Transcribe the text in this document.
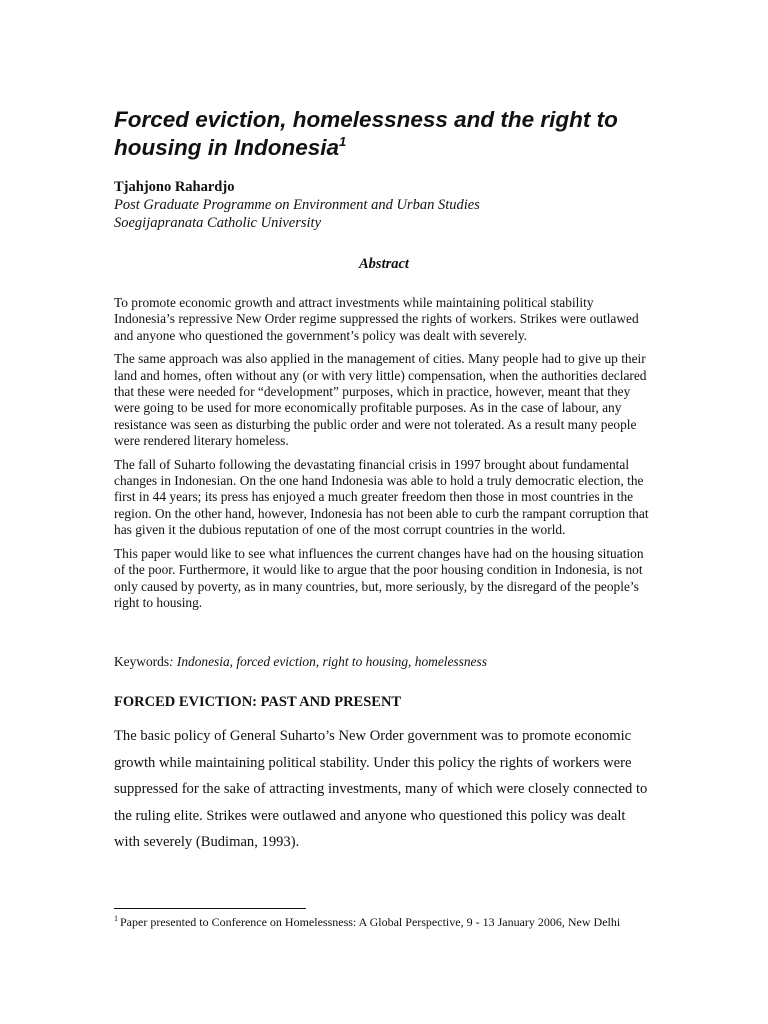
Forced eviction, homelessness and the right to housing in Indonesia$^1$
Tjahjono Rahardjo
Post Graduate Programme on Environment and Urban Studies
Soegijapranata Catholic University
Abstract

To promote economic growth and attract investments while maintaining political stability Indonesia’s repressive New Order regime suppressed the rights of workers. Strikes were outlawed and anyone who questioned the government’s policy was dealt with severely.

The same approach was also applied in the management of cities. Many people had to give up their land and homes, often without any (or with very little) compensation, when the authorities declared that these were needed for “development” purposes, which in practice, however, meant that they were going to be used for more economically profitable purposes. As in the case of labour, any resistance was seen as disturbing the public order and were not tolerated. As a result many people were rendered literary homeless.

The fall of Suharto following the devastating financial crisis in 1997 brought about fundamental changes in Indonesian. On the one hand Indonesia was able to hold a truly democratic election, the first in 44 years; its press has enjoyed a much greater freedom then those in most countries in the region. On the other hand, however, Indonesia has not been able to curb the rampant corruption that has given it the dubious reputation of one of the most corrupt countries in the world.

This paper would like to see what influences the current changes have had on the housing situation of the poor. Furthermore, it would like to argue that the poor housing condition in Indonesia, is not only caused by poverty, as in many countries, but, more seriously, by the disregard of the people’s right to housing.

Keywords: Indonesia, forced eviction, right to housing, homelessness
FORCED EVICTION: PAST AND PRESENT

The basic policy of General Suharto’s New Order government was to promote economic growth while maintaining political stability. Under this policy the rights of workers were suppressed for the sake of attracting investments, many of which were closely connected to the ruling elite. Strikes were outlawed and anyone who questioned this policy was dealt with severely (Budiman, 1993).

$^1$ Paper presented to Conference on Homelessness: A Global Perspective, 9 - 13 January 2006, New Delhi
